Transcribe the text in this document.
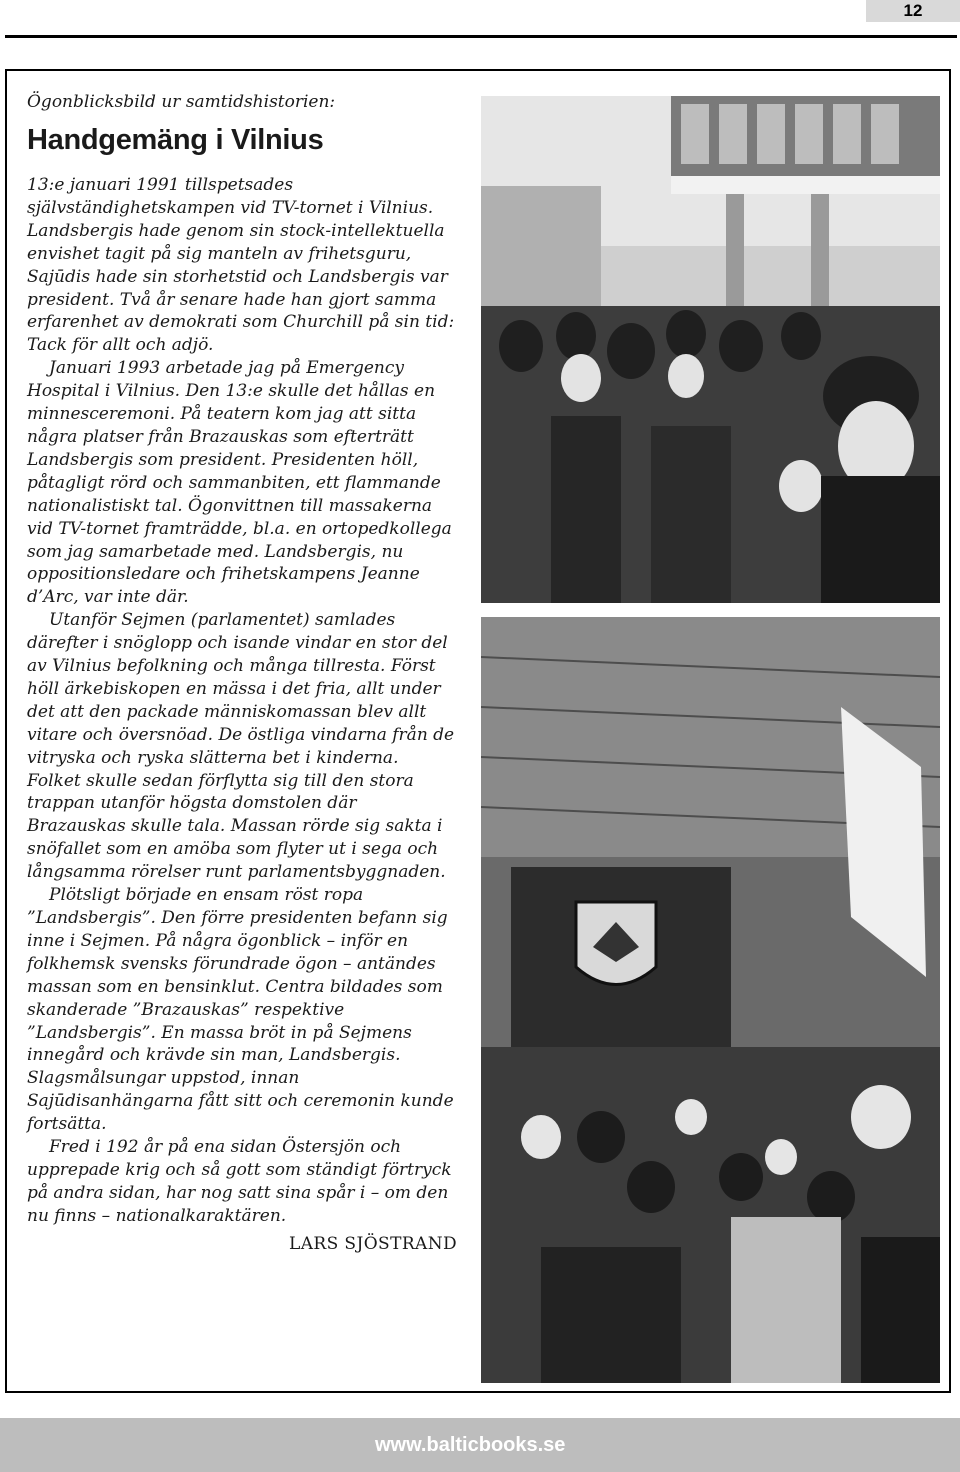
12

Ögonblicksbild ur samtidshistorien:

Handgemäng i Vilnius

13:e januari 1991 tillspetsades självständighetskampen vid TV-tornet i Vilnius. Landsbergis hade genom sin stock-intellektuella envishet tagit på sig manteln av frihetsguru, Sajūdis hade sin storhetstid och Landsbergis var president. Två år senare hade han gjort samma erfarenhet av demokrati som Churchill på sin tid: Tack för allt och adjö.

Januari 1993 arbetade jag på Emergency Hospital i Vilnius. Den 13:e skulle det hållas en minnesceremoni. På teatern kom jag att sitta några platser från Brazauskas som efterträtt Landsbergis som president. Presidenten höll, påtagligt rörd och sammanbiten, ett flammande nationalistiskt tal. Ögonvittnen till massakerna vid TV-tornet framträdde, bl.a. en ortopedkollega som jag samarbetade med. Landsbergis, nu oppositionsledare och frihetskampens Jeanne d’Arc, var inte där.

Utanför Sejmen (parlamentet) samlades därefter i snöglopp och isande vindar en stor del av Vilnius befolkning och många tillresta. Först höll ärkebiskopen en mässa i det fria, allt under det att den packade människomassan blev allt vitare och översnöad. De östliga vindarna från de vitryska och ryska slätterna bet i kinderna. Folket skulle sedan förflytta sig till den stora trappan utanför högsta domstolen där Brazauskas skulle tala. Massan rörde sig sakta i snöfallet som en amöba som flyter ut i sega och långsamma rörelser runt parlamentsbyggnaden.

Plötsligt började en ensam röst ropa ”Landsbergis”. Den förre presidenten befann sig inne i Sejmen. På några ögonblick – inför en folkhemsk svensks förundrade ögon – antändes massan som en bensinklut. Centra bildades som skanderade ”Brazauskas” respektive ”Landsbergis”. En massa bröt in på Sejmens innegård och krävde sin man, Landsbergis. Slagsmålsungar uppstod, innan Sajūdisanhängarna fått sitt och ceremonin kunde fortsätta.

Fred i 192 år på ena sidan Östersjön och upprepade krig och så gott som ständigt förtryck på andra sidan, har nog satt sina spår i – om den nu finns – nationalkaraktären.

LARS SJÖSTRAND
www.balticbooks.se
